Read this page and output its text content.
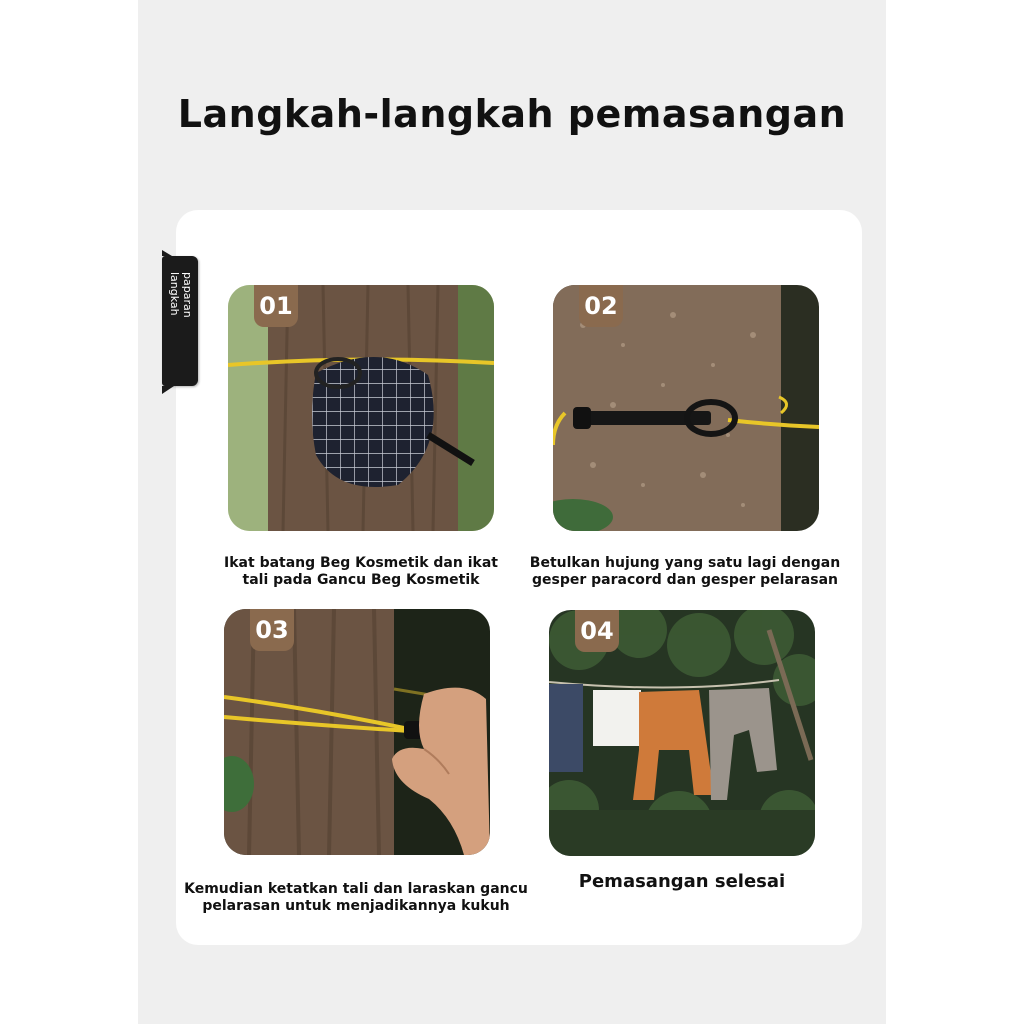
Langkah-langkah pemasangan
paparan
langkah	01
Ikat batang Beg Kosmetik dan ikat
tali pada Gancu Beg Kosmetik
02
Betulkan hujung yang satu lagi dengan
gesper paracord dan gesper pelarasan
03
Kemudian ketatkan tali dan laraskan gancu
pelarasan untuk menjadikannya kukuh
04
Pemasangan selesai
